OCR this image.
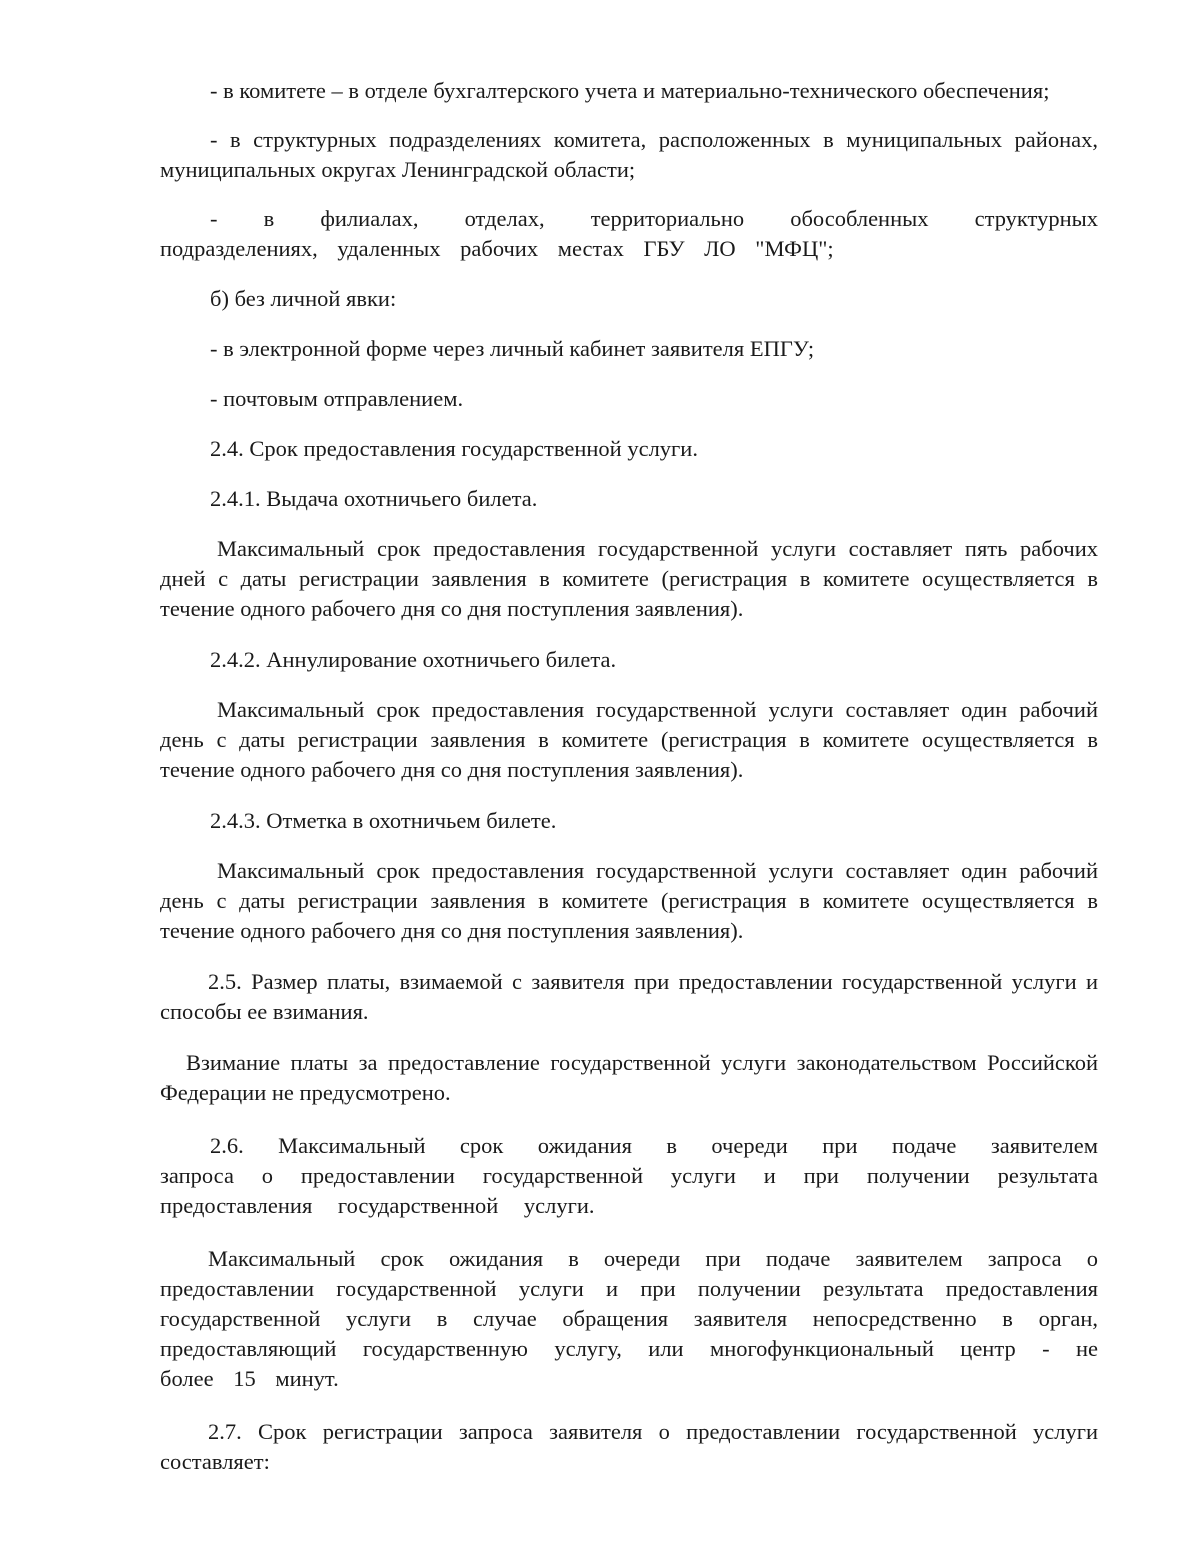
- в комитете – в отделе бухгалтерского учета и материально-технического обеспечения;

- в структурных подразделениях комитета, расположенных в муниципальных районах, муниципальных округах Ленинградской области;

- в филиалах, отделах, территориально обособленных структурных подразделениях, удаленных рабочих местах ГБУ ЛО "МФЦ";

б) без личной явки:

- в электронной форме через личный кабинет заявителя ЕПГУ;

- почтовым отправлением.

2.4. Срок предоставления государственной услуги.

2.4.1. Выдача охотничьего билета.

Максимальный срок предоставления государственной услуги составляет пять рабочих дней с даты регистрации заявления в комитете (регистрация в комитете осуществляется в течение одного рабочего дня со дня поступления заявления).

2.4.2. Аннулирование охотничьего билета.

Максимальный срок предоставления государственной услуги составляет один рабочий день с даты регистрации заявления в комитете (регистрация в комитете осуществляется в течение одного рабочего дня со дня поступления заявления).

2.4.3. Отметка в охотничьем билете.

Максимальный срок предоставления государственной услуги составляет один рабочий день с даты регистрации заявления в комитете (регистрация в комитете осуществляется в течение одного рабочего дня со дня поступления заявления).

2.5. Размер платы, взимаемой с заявителя при предоставлении государственной услуги и способы ее взимания.

Взимание платы за предоставление государственной услуги законодательством Российской Федерации не предусмотрено.

2.6. Максимальный срок ожидания в очереди при подаче заявителем запроса о предоставлении государственной услуги и при получении результата предоставления государственной услуги.

Максимальный срок ожидания в очереди при подаче заявителем запроса о предоставлении государственной услуги и при получении результата предоставления государственной услуги в случае обращения заявителя непосредственно в орган, предоставляющий государственную услугу, или многофункциональный центр - не более 15 минут.

2.7. Срок регистрации запроса заявителя о предоставлении государственной услуги составляет:
